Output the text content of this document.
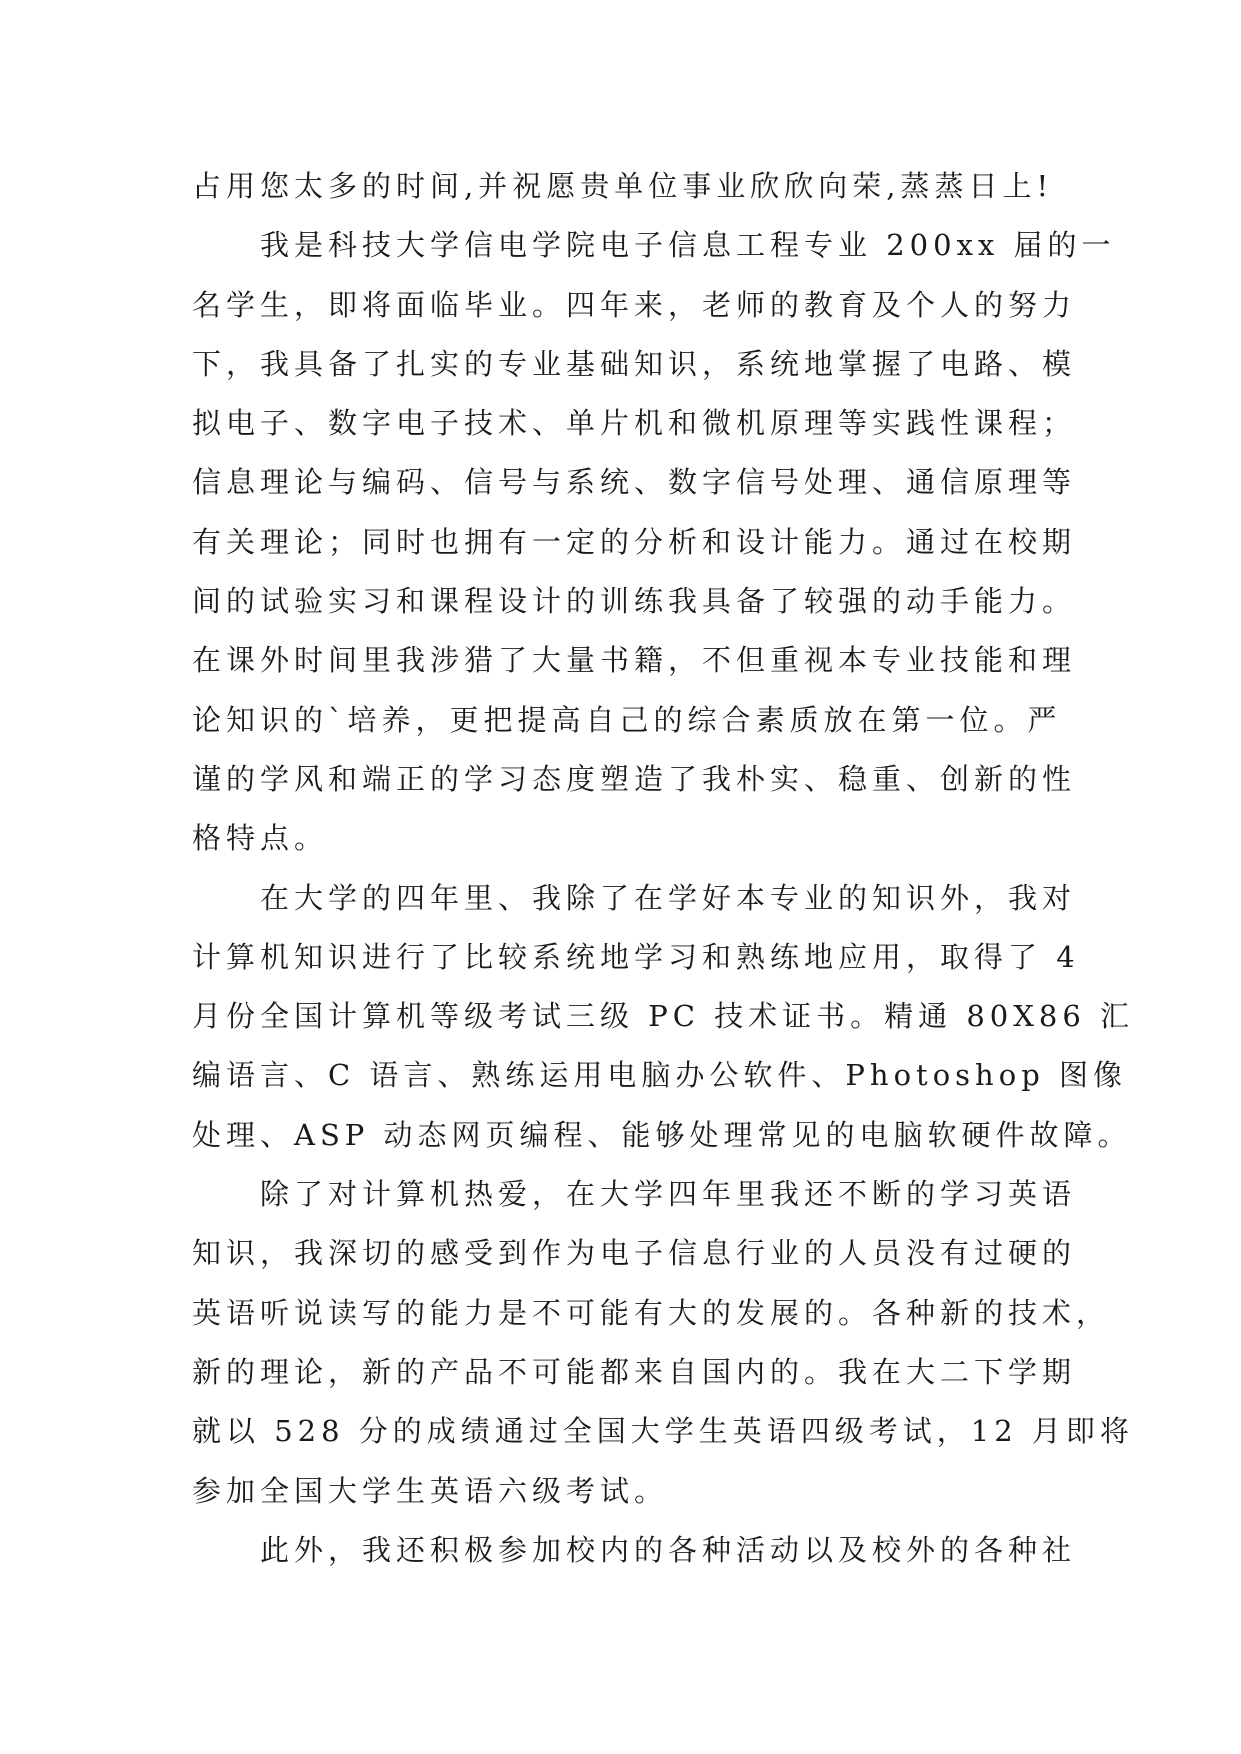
占用您太多的时间,并祝愿贵单位事业欣欣向荣,蒸蒸日上!
　　我是科技大学信电学院电子信息工程专业 200xx 届的一
名学生，即将面临毕业。四年来，老师的教育及个人的努力
下，我具备了扎实的专业基础知识，系统地掌握了电路、模
拟电子、数字电子技术、单片机和微机原理等实践性课程；
信息理论与编码、信号与系统、数字信号处理、通信原理等
有关理论；同时也拥有一定的分析和设计能力。通过在校期
间的试验实习和课程设计的训练我具备了较强的动手能力。
在课外时间里我涉猎了大量书籍，不但重视本专业技能和理
论知识的`培养，更把提高自己的综合素质放在第一位。严
谨的学风和端正的学习态度塑造了我朴实、稳重、创新的性
格特点。
　　在大学的四年里、我除了在学好本专业的知识外，我对
计算机知识进行了比较系统地学习和熟练地应用，取得了 4
月份全国计算机等级考试三级 PC 技术证书。精通 80X86 汇
编语言、C 语言、熟练运用电脑办公软件、Photoshop 图像
处理、ASP 动态网页编程、能够处理常见的电脑软硬件故障。
　　除了对计算机热爱，在大学四年里我还不断的学习英语
知识，我深切的感受到作为电子信息行业的人员没有过硬的
英语听说读写的能力是不可能有大的发展的。各种新的技术，
新的理论，新的产品不可能都来自国内的。我在大二下学期
就以 528 分的成绩通过全国大学生英语四级考试，12 月即将
参加全国大学生英语六级考试。
　　此外，我还积极参加校内的各种活动以及校外的各种社
